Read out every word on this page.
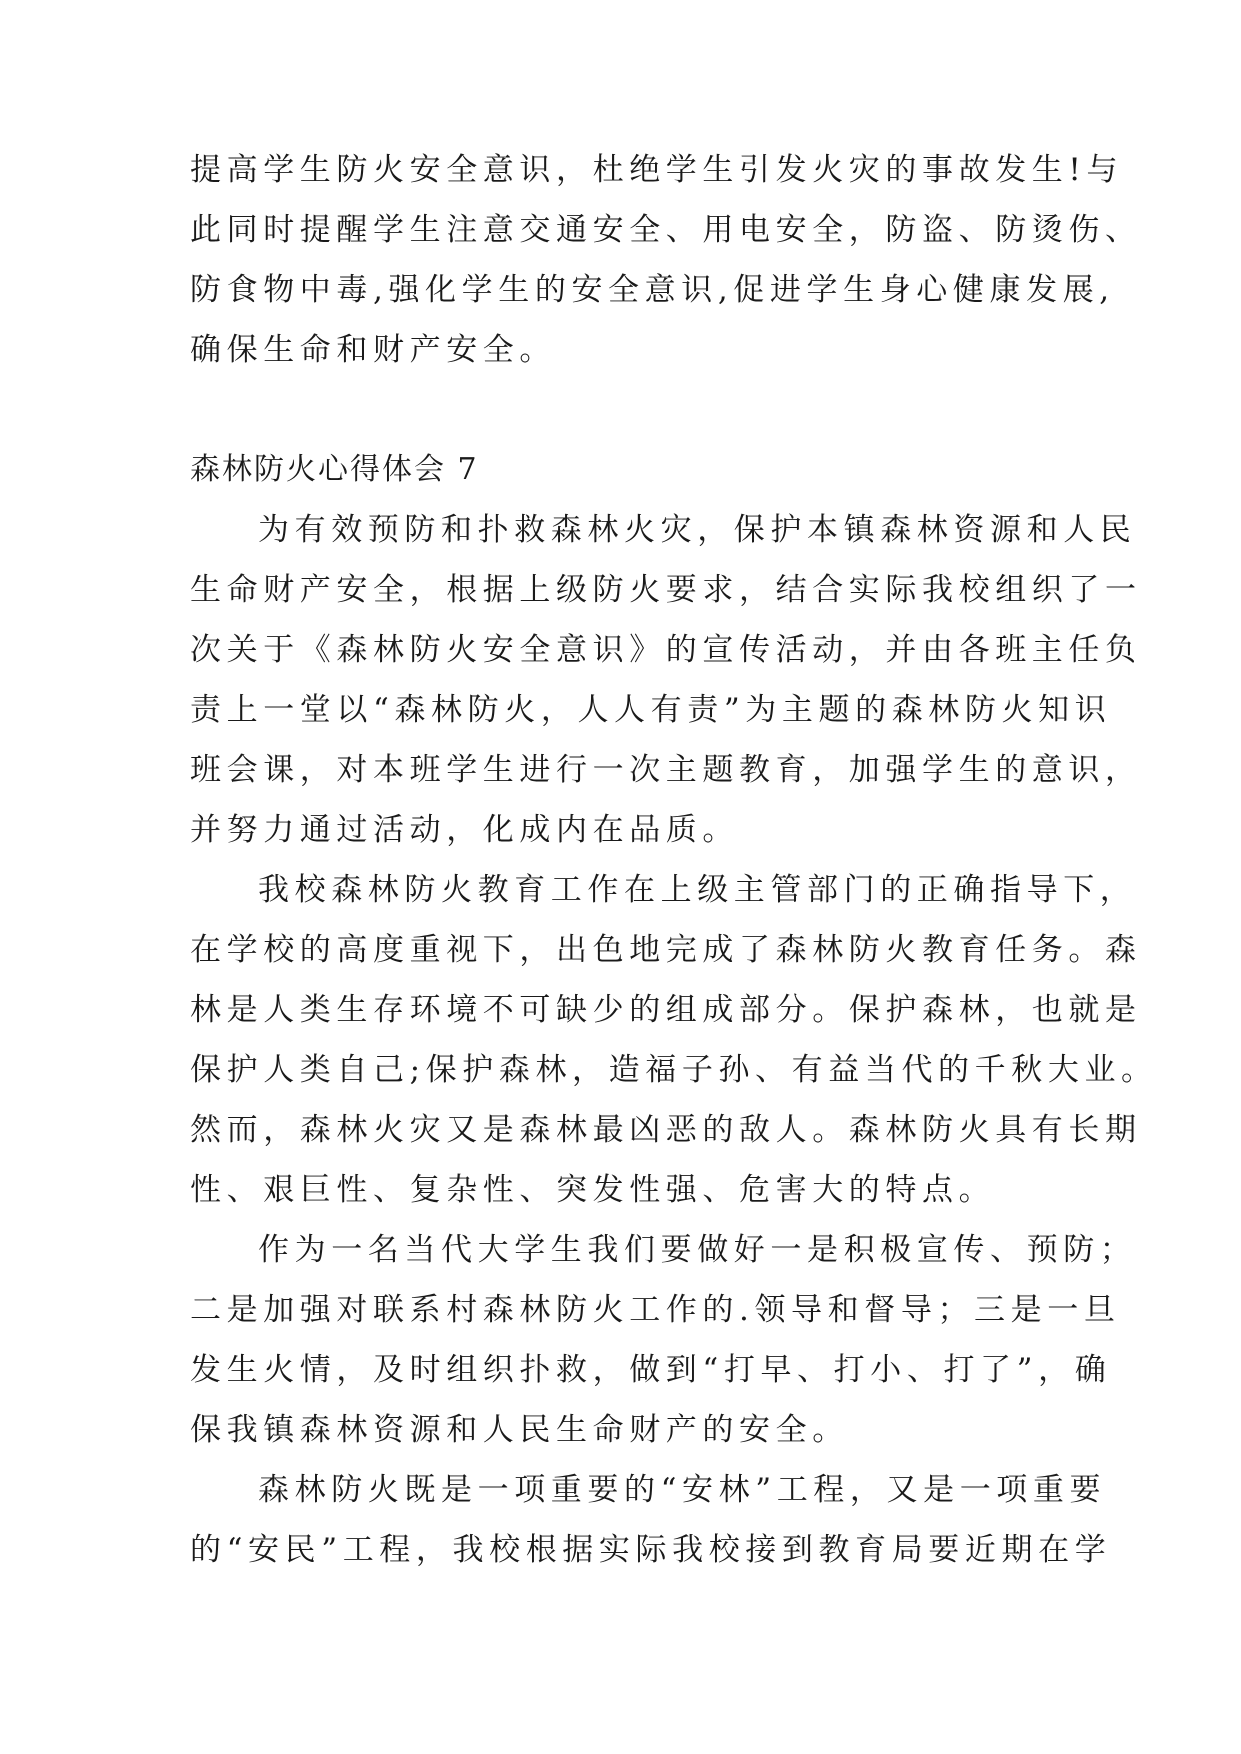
提高学生防火安全意识，杜绝学生引发火灾的事故发生!与
此同时提醒学生注意交通安全、用电安全，防盗、防烫伤、
防食物中毒,强化学生的安全意识,促进学生身心健康发展,
确保生命和财产安全。
森林防火心得体会 7
为有效预防和扑救森林火灾，保护本镇森林资源和人民
生命财产安全，根据上级防火要求，结合实际我校组织了一
次关于《森林防火安全意识》的宣传活动，并由各班主任负
责上一堂以“森林防火，人人有责”为主题的森林防火知识
班会课，对本班学生进行一次主题教育，加强学生的意识，
并努力通过活动，化成内在品质。
我校森林防火教育工作在上级主管部门的正确指导下，
在学校的高度重视下，出色地完成了森林防火教育任务。森
林是人类生存环境不可缺少的组成部分。保护森林，也就是
保护人类自己;保护森林，造福子孙、有益当代的千秋大业。
然而，森林火灾又是森林最凶恶的敌人。森林防火具有长期
性、艰巨性、复杂性、突发性强、危害大的特点。
作为一名当代大学生我们要做好一是积极宣传、预防；
二是加强对联系村森林防火工作的.领导和督导；三是一旦
发生火情，及时组织扑救，做到“打早、打小、打了”，确
保我镇森林资源和人民生命财产的安全。
森林防火既是一项重要的“安林”工程，又是一项重要
的“安民”工程，我校根据实际我校接到教育局要近期在学
